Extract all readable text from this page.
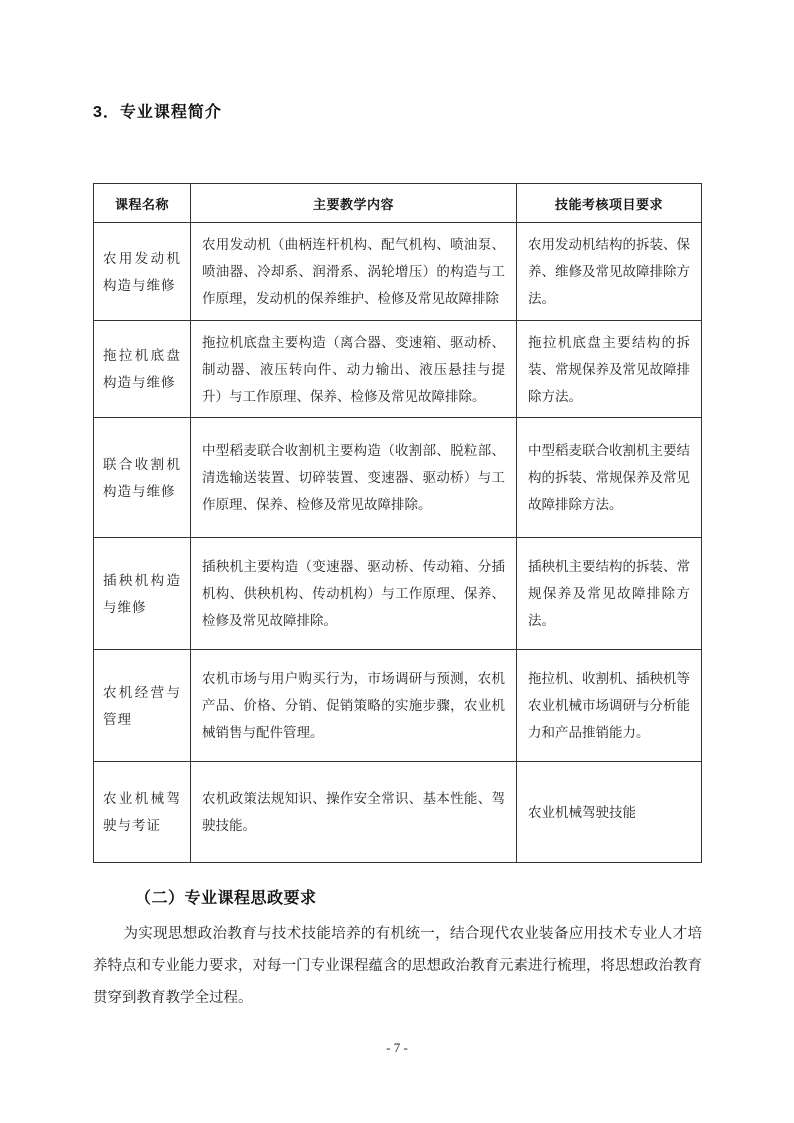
3．专业课程简介
课程名称	主要教学内容	技能考核项目要求
农用发动机构造与维修	农用发动机（曲柄连杆机构、配气机构、喷油泵、喷油器、冷却系、润滑系、涡轮增压）的构造与工作原理，发动机的保养维护、检修及常见故障排除	农用发动机结构的拆装、保养、维修及常见故障排除方法。
拖拉机底盘构造与维修	拖拉机底盘主要构造（离合器、变速箱、驱动桥、制动器、液压转向件、动力输出、液压悬挂与提升）与工作原理、保养、检修及常见故障排除。	拖拉机底盘主要结构的拆装、常规保养及常见故障排除方法。
联合收割机构造与维修	中型稻麦联合收割机主要构造（收割部、脱粒部、清选输送装置、切碎装置、变速器、驱动桥）与工作原理、保养、检修及常见故障排除。	中型稻麦联合收割机主要结构的拆装、常规保养及常见故障排除方法。
插秧机构造与维修	插秧机主要构造（变速器、驱动桥、传动箱、分插机构、供秧机构、传动机构）与工作原理、保养、检修及常见故障排除。	插秧机主要结构的拆装、常规保养及常见故障排除方法。
农机经营与管理	农机市场与用户购买行为，市场调研与预测，农机产品、价格、分销、促销策略的实施步骤，农业机械销售与配件管理。	拖拉机、收割机、插秧机等农业机械市场调研与分析能力和产品推销能力。
农业机械驾驶与考证	农机政策法规知识、操作安全常识、基本性能、驾驶技能。	农业机械驾驶技能
（二）专业课程思政要求

为实现思想政治教育与技术技能培养的有机统一，结合现代农业装备应用技术专业人才培养特点和专业能力要求，对每一门专业课程蕴含的思想政治教育元素进行梳理，将思想政治教育贯穿到教育教学全过程。

- 7 -
